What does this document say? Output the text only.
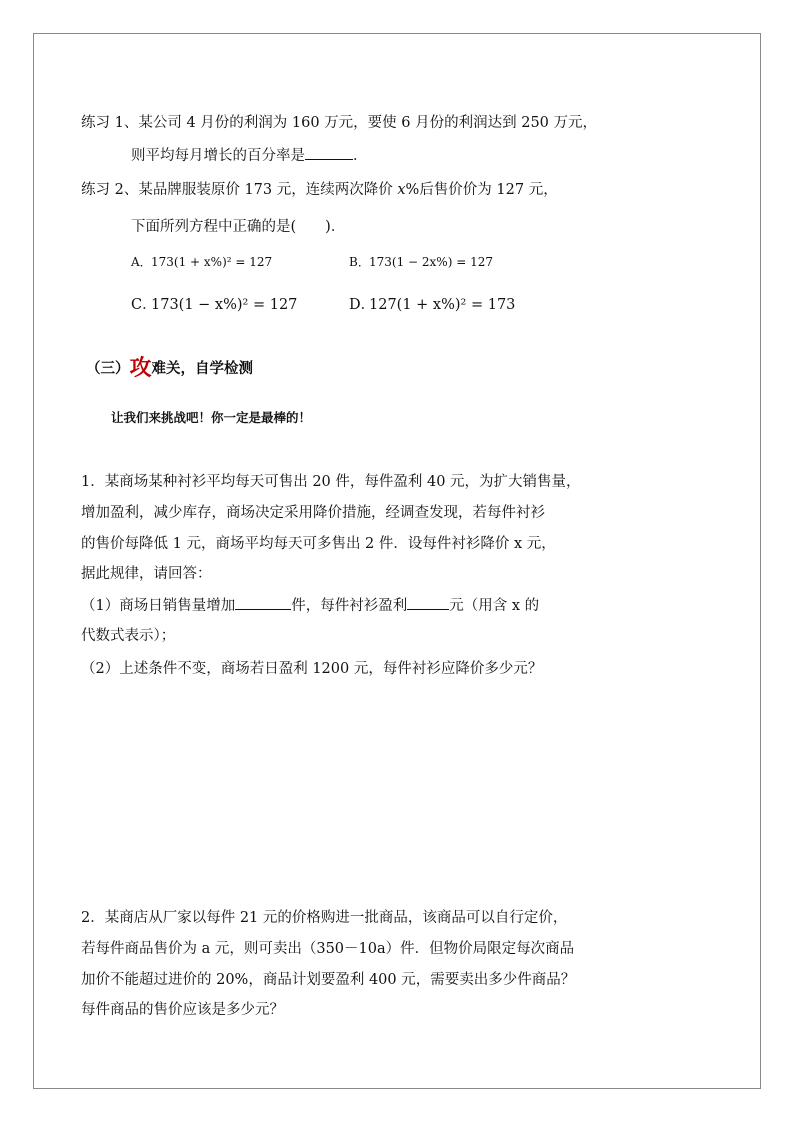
练习 1、某公司 4 月份的利润为 160 万元，要使 6 月份的利润达到 250 万元，
则平均每月增长的百分率是	．
练习 2、某品牌服装原价 173 元，连续两次降价 x%后售价价为 127 元，
下面所列方程中正确的是(　　)．
A．173(1 + x%)² = 127	B．173(1 − 2x%) = 127
C．173(1 − x%)² = 127	D．127(1 + x%)² = 173
（三）攻难关，自学检测
让我们来挑战吧！你一定是最棒的！
1．某商场某种衬衫平均每天可售出 20 件，每件盈利 40 元，为扩大销售量，
增加盈利，减少库存，商场决定采用降价措施，经调查发现，若每件衬衫
的售价每降低 1 元，商场平均每天可多售出 2 件．设每件衬衫降价 x 元，
据此规律，请回答：
（1）商场日销售量增加	件，每件衬衫盈利	元（用含 x 的
代数式表示）；
（2）上述条件不变，商场若日盈利 1200 元，每件衬衫应降价多少元？
2．某商店从厂家以每件 21 元的价格购进一批商品，该商品可以自行定价，
若每件商品售价为 a 元，则可卖出（350－10a）件．但物价局限定每次商品
加价不能超过进价的 20%，商品计划要盈利 400 元，需要卖出多少件商品？
每件商品的售价应该是多少元？
